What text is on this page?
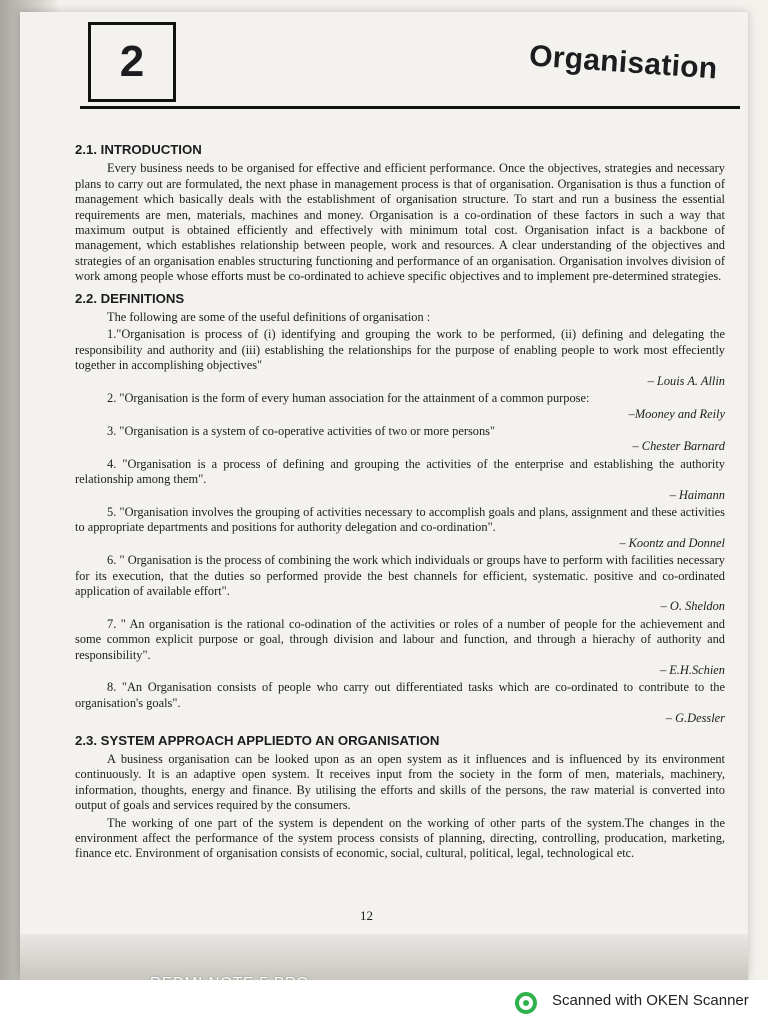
2	Organisation
2.1. INTRODUCTION

Every business needs to be organised for effective and efficient performance. Once the objectives, strategies and necessary plans to carry out are formulated, the next phase in management process is that of organisation. Organisation is thus a function of management which basically deals with the establishment of organisation structure. To start and run a business the essential requirements are men, materials, machines and money. Organisation is a co-ordination of these factors in such a way that maximum output is obtained efficiently and effectively with minimum total cost. Organisation infact is a backbone of management, which establishes relationship between people, work and resources. A clear understanding of the objectives and strategies of an organisation enables structuring functioning and performance of an organisation. Organisation involves division of work among people whose efforts must be co-ordinated to achieve specific objectives and to implement pre-determined strategies.

2.2. DEFINITIONS

The following are some of the useful definitions of organisation :

1."Organisation is process of (i) identifying and grouping the work to be performed, (ii) defining and delegating the responsibility and authority and (iii) establishing the relationships for the purpose of enabling people to work most effeciently together in accomplishing objectives"
– Louis A. Allin
2. "Organisation is the form of every human association for the attainment of a common purpose:
–Mooney and Reily
3. "Organisation is a system of co-operative activities of two or more persons"
– Chester Barnard
4. "Organisation is a process of defining and grouping the activities of the enterprise and establishing the authority relationship among them".
– Haimann
5. "Organisation involves the grouping of activities necessary to accomplish goals and plans, assignment and these activities to appropriate departments and positions for authority delegation and co-ordination".
– Koontz and Donnel
6. " Organisation is the process of combining the work which individuals or groups have to perform with facilities necessary for its execution, that the duties so performed provide the best channels for efficient, systematic. positive and co-ordinated application of available effort".
– O. Sheldon
7. " An organisation is the rational co-odination of the activities or roles of a number of people for the achievement and some common explicit purpose or goal, through division and labour and function, and through a hierachy of authority and responsibility".
– E.H.Schien
8. "An Organisation consists of people who carry out differentiated tasks which are co-ordinated to contribute to the organisation's goals".
– G.Dessler
2.3. SYSTEM APPROACH APPLIEDTO AN ORGANISATION

A business organisation can be looked upon as an open system as it influences and is influenced by its environment continuously. It is an adaptive open system. It receives input from the society in the form of men, materials, machinery, information, thoughts, energy and finance. By utilising the efforts and skills of the persons, the raw material is converted into output of goals and services required by the consumers.

The working of one part of the system is dependent on the working of other parts of the system.The changes in the environment affect the performance of the system process consists of planning, directing, controlling, producation, marketing, finance etc. Environment of organisation consists of economic, social, cultural, political, legal, technological etc.

12
Scanned with OKEN Scanner
